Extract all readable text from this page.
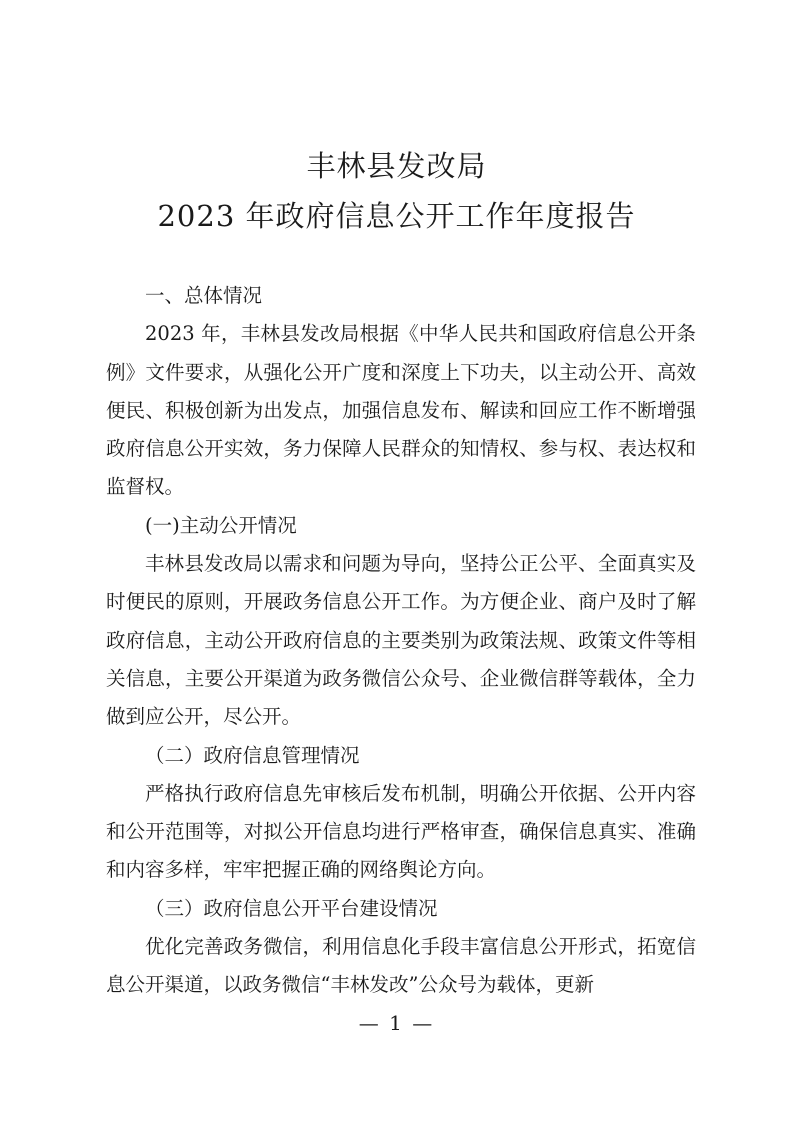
丰林县发改局
2023 年政府信息公开工作年度报告

一、总体情况

2023 年，丰林县发改局根据《中华人民共和国政府信息公开条例》文件要求，从强化公开广度和深度上下功夫，以主动公开、高效便民、积极创新为出发点，加强信息发布、解读和回应工作不断增强政府信息公开实效，务力保障人民群众的知情权、参与权、表达权和监督权。

(一)主动公开情况

丰林县发改局以需求和问题为导向，坚持公正公平、全面真实及时便民的原则，开展政务信息公开工作。为方便企业、商户及时了解政府信息，主动公开政府信息的主要类别为政策法规、政策文件等相关信息，主要公开渠道为政务微信公众号、企业微信群等载体，全力做到应公开，尽公开。

（二）政府信息管理情况

严格执行政府信息先审核后发布机制，明确公开依据、公开内容和公开范围等，对拟公开信息均进行严格审查，确保信息真实、准确和内容多样，牢牢把握正确的网络舆论方向。

（三）政府信息公开平台建设情况

优化完善政务微信，利用信息化手段丰富信息公开形式，拓宽信息公开渠道，以政务微信“丰林发改”公众号为载体，更新

— 1 —
